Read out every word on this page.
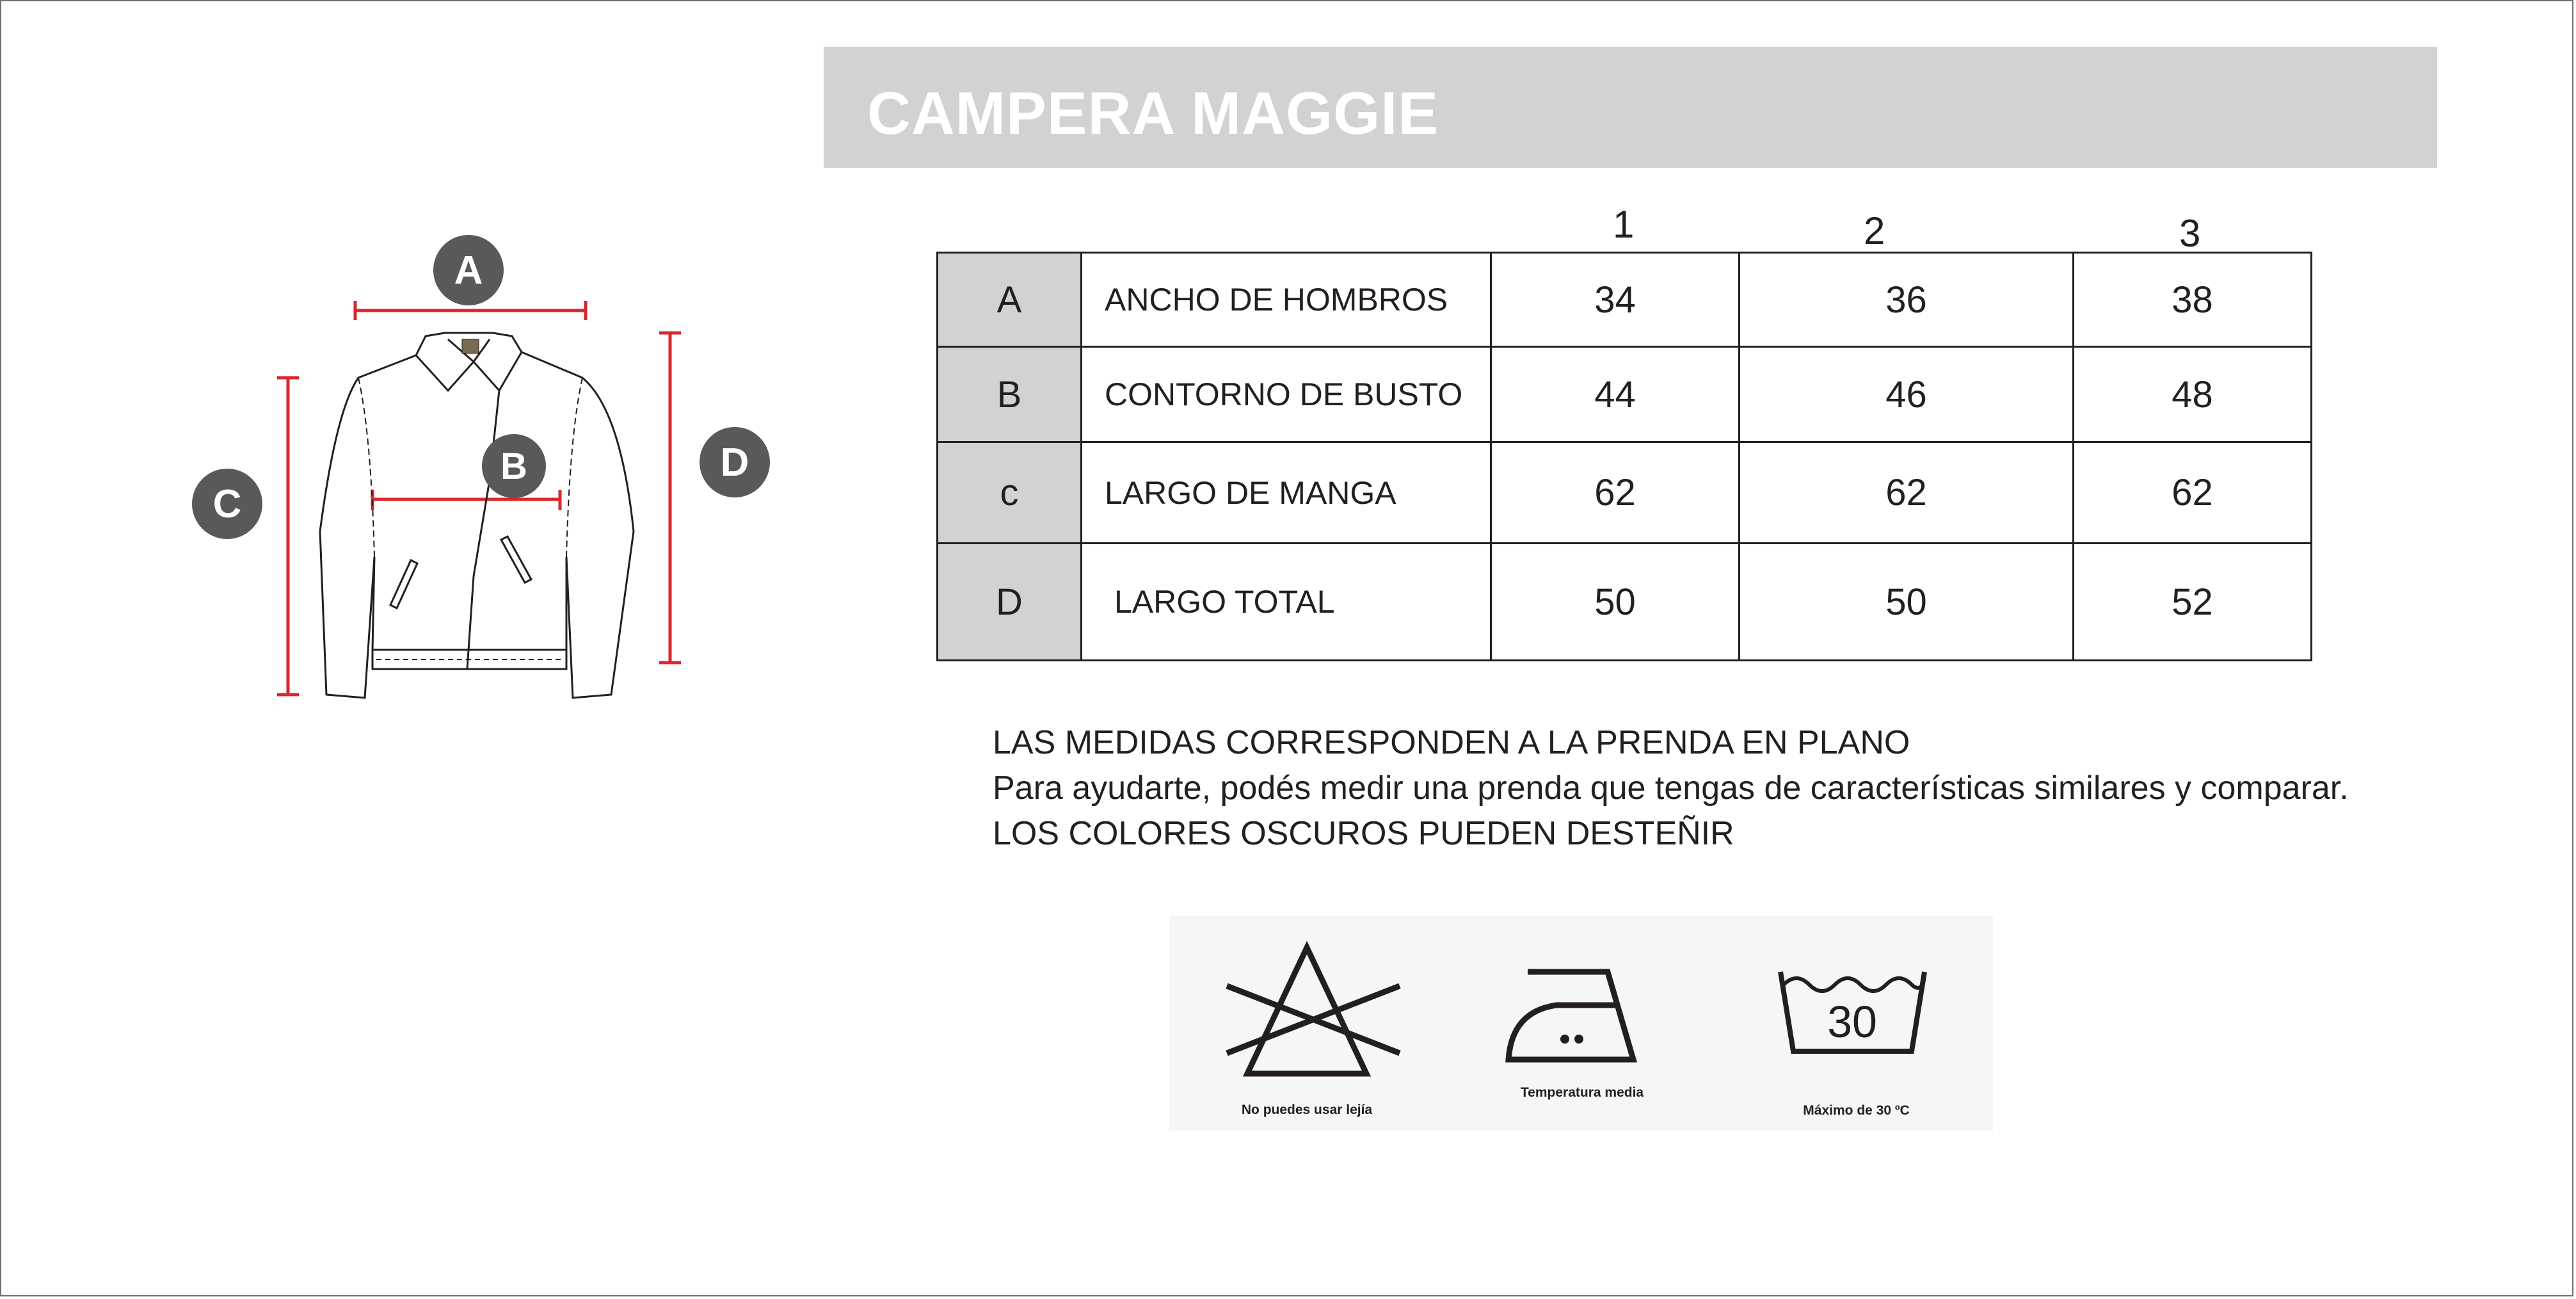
CAMPERA MAGGIE
A
B
C
D
1	2	3
A	ANCHO DE HOMBROS	34	36	38
B	CONTORNO DE BUSTO	44	46	48
c	LARGO DE MANGA	62	62	62
D	LARGO TOTAL	50	50	52
LAS MEDIDAS CORRESPONDEN A LA PRENDA EN PLANO
Para ayudarte, podés medir una prenda que tengas de características similares y comparar.
LOS COLORES OSCUROS PUEDEN DESTEÑIR
No puedes usar lejía
Temperatura media
30
Máximo de 30 ºC
